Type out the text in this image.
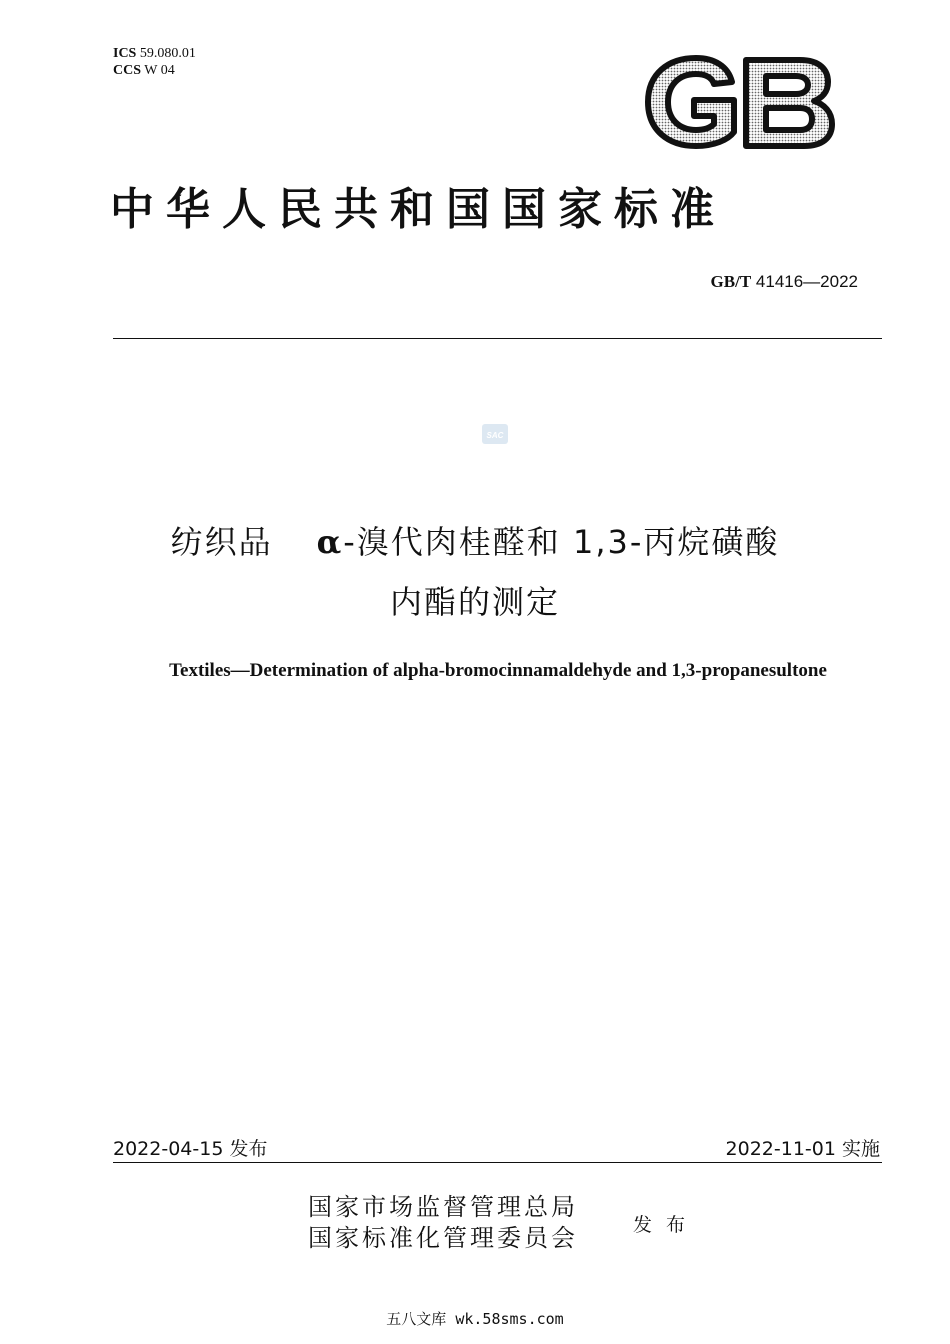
ICS 59.080.01
CCS W 04
中华人民共和国国家标准
GB/T 41416—2022
SAC
纺织品 α-溴代肉桂醛和 1,3-丙烷磺酸
内酯的测定
Textiles—Determination of alpha-bromocinnamaldehyde and 1,3-propanesultone
2022-04-15 发布	2022-11-01 实施
国家市场监督管理总局
国家标准化管理委员会	发布
五八文库 wk.58sms.com
